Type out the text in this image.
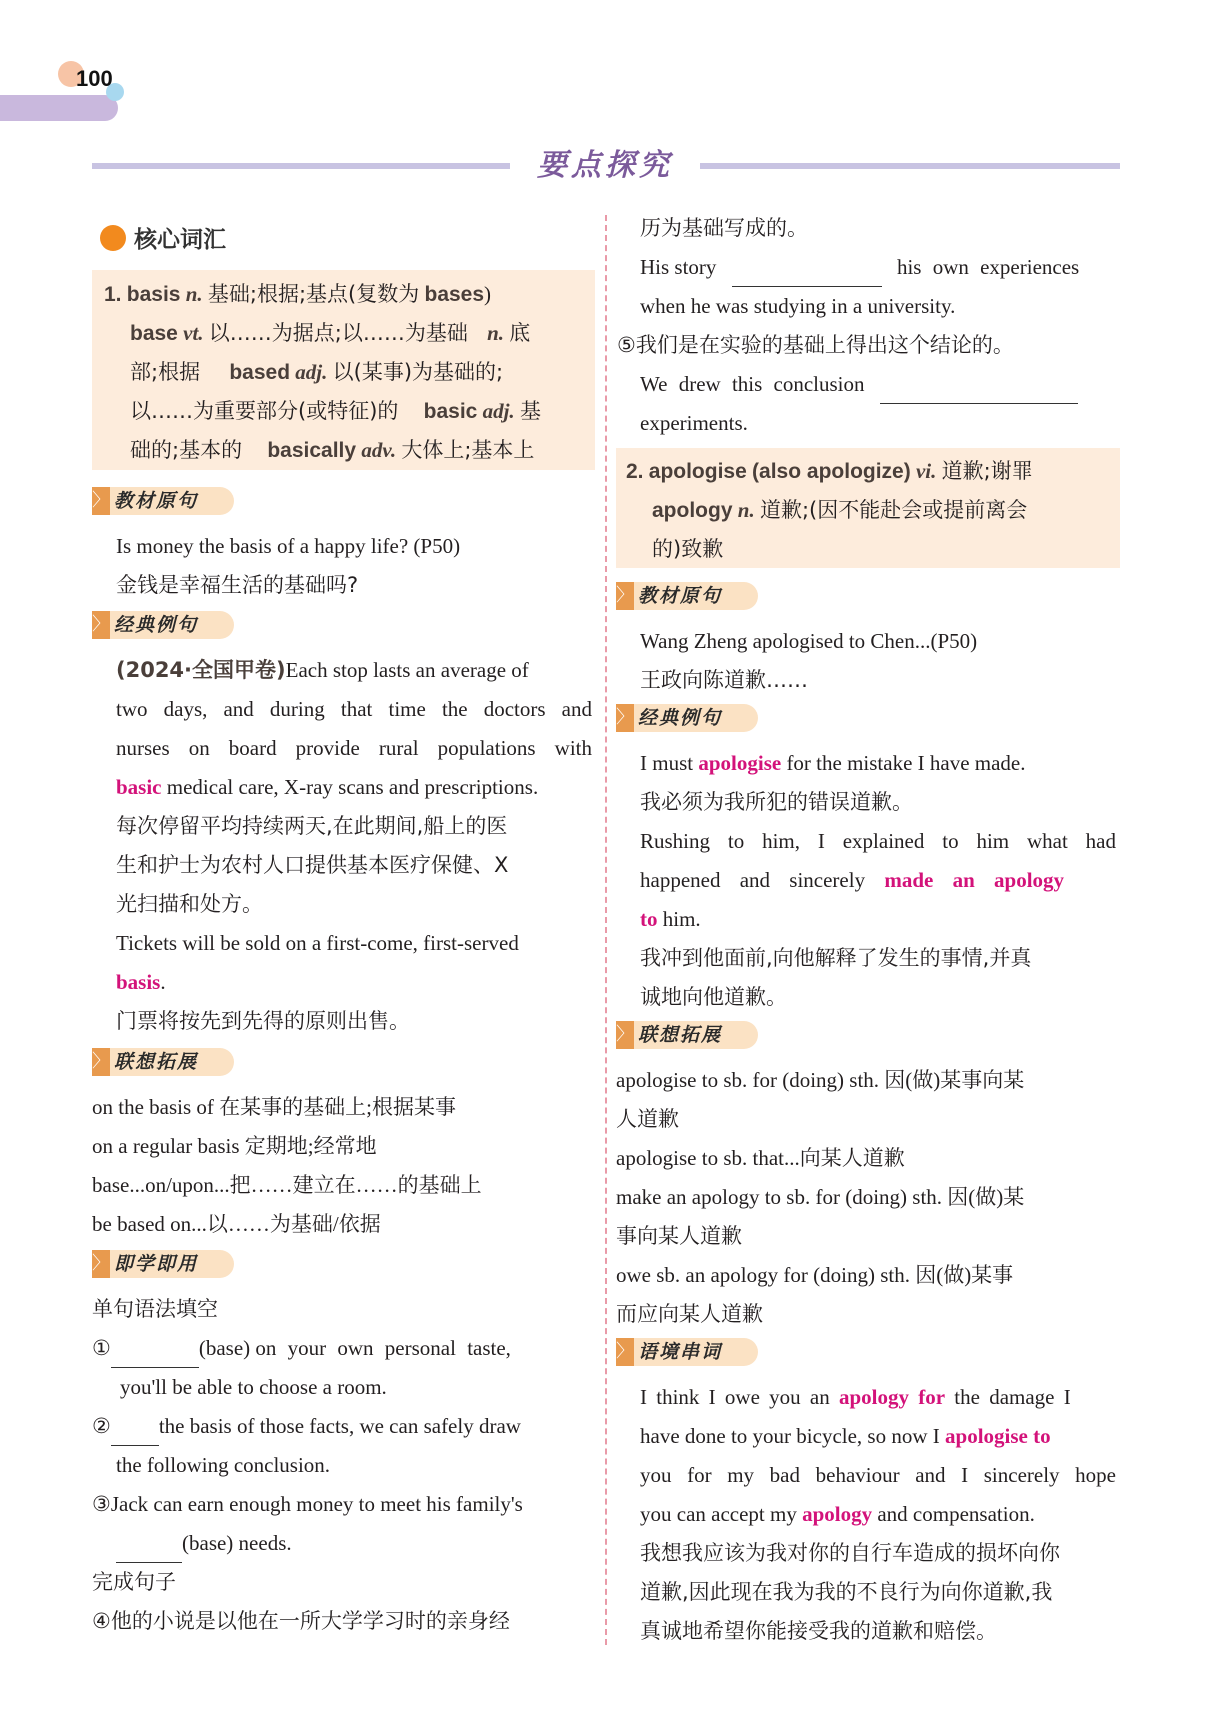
100
要点探究
核心词汇
1. basis n. 基础;根据;基点(复数为 bases)
base vt. 以……为据点;以……为基础 n. 底
部;根据 based adj. 以(某事)为基础的;
以……为重要部分(或特征)的 basic adj. 基
础的;基本的 basically adv. 大体上;基本上
〉 教材原句
Is money the basis of a happy life? (P50)
金钱是幸福生活的基础吗?
〉 经典例句
(2024·全国甲卷)Each stop lasts an average of
two days, and during that time the doctors and
nurses on board provide rural populations with
basic medical care, X-ray scans and prescriptions.
每次停留平均持续两天,在此期间,船上的医
生和护士为农村人口提供基本医疗保健、X
光扫描和处方。
Tickets will be sold on a first-come, first-served
basis.
门票将按先到先得的原则出售。
〉 联想拓展
on the basis of 在某事的基础上;根据某事
on a regular basis 定期地;经常地
base...on/upon...把……建立在……的基础上
be based on...以……为基础/依据
〉 即学即用
单句语法填空
①	(base) on your own personal taste,
you'll be able to choose a room.
② the basis of those facts, we can safely draw
the following conclusion.
③Jack can earn enough money to meet his family's
(base) needs.
完成句子
④他的小说是以他在一所大学学习时的亲身经
历为基础写成的。
His story	his own experiences
when he was studying in a university.
⑤我们是在实验的基础上得出这个结论的。
We drew this conclusion
experiments.
2. apologise (also apologize) vi. 道歉;谢罪
apology n. 道歉;(因不能赴会或提前离会
的)致歉
〉 教材原句
Wang Zheng apologised to Chen...(P50)
王政向陈道歉……
〉 经典例句
I must apologise for the mistake I have made.
我必须为我所犯的错误道歉。
Rushing to him, I explained to him what had
happened and sincerely made an apology
to him.
我冲到他面前,向他解释了发生的事情,并真
诚地向他道歉。
〉 联想拓展
apologise to sb. for (doing) sth. 因(做)某事向某
人道歉
apologise to sb. that...向某人道歉
make an apology to sb. for (doing) sth. 因(做)某
事向某人道歉
owe sb. an apology for (doing) sth. 因(做)某事
而应向某人道歉
〉 语境串词
I think I owe you an apology for the damage I
have done to your bicycle, so now I apologise to
you for my bad behaviour and I sincerely hope
you can accept my apology and compensation.
我想我应该为我对你的自行车造成的损坏向你
道歉,因此现在我为我的不良行为向你道歉,我
真诚地希望你能接受我的道歉和赔偿。
